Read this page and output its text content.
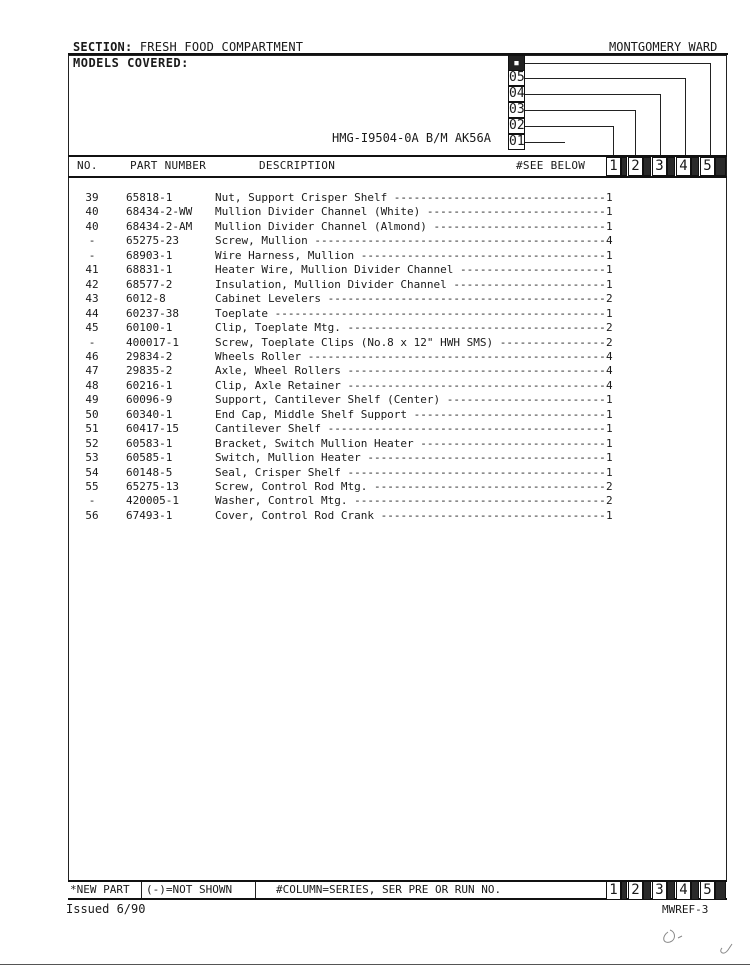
SECTION: FRESH FOOD COMPARTMENT	MONTGOMERY WARD
MODELS COVERED:
HMG-I9504-0A B/M AK56A
■
05
04
03
02
01
NO.	PART NUMBER	DESCRIPTION	#SEE BELOW 1 2 3 4 5
39	65818-1	Nut, Support Crisper Shelf -----	1
40	68434-2-WW Mullion Divider Channel (White) -----	1
40	68434-2-AM Mullion Divider Channel (Almond) -----	1
-	65275-23	Screw, Mullion -----	4
-	68903-1	Wire Harness, Mullion -----	1
41	68831-1	Heater Wire, Mullion Divider Channel -----	1
42	68577-2	Insulation, Mullion Divider Channel -----	1
43	6012-8	Cabinet Levelers -----	2
44	60237-38	Toeplate -----	1
45	60100-1	Clip, Toeplate Mtg. -----	2
-	400017-1	Screw, Toeplate Clips (No.8 x 12" HWH SMS) -----	2
46	29834-2	Wheels Roller -----	4
47	29835-2	Axle, Wheel Rollers -----	4
48	60216-1	Clip, Axle Retainer -----	4
49	60096-9	Support, Cantilever Shelf (Center) -----	1
50	60340-1	End Cap, Middle Shelf Support -----	1
51	60417-15	Cantilever Shelf -----	1
52	60583-1	Bracket, Switch Mullion Heater -----	1
53	60585-1	Switch, Mullion Heater -----	1
54	60148-5	Seal, Crisper Shelf -----	1
55	65275-13	Screw, Control Rod Mtg. -----	2
-	420005-1	Washer, Control Mtg. -----	2
56	67493-1	Cover, Control Rod Crank -----	1
*NEW PART (-)=NOT SHOWN	#COLUMN=SERIES, SER PRE OR RUN NO.	1 2 3 4 5
Issued 6/90	MWREF-3
